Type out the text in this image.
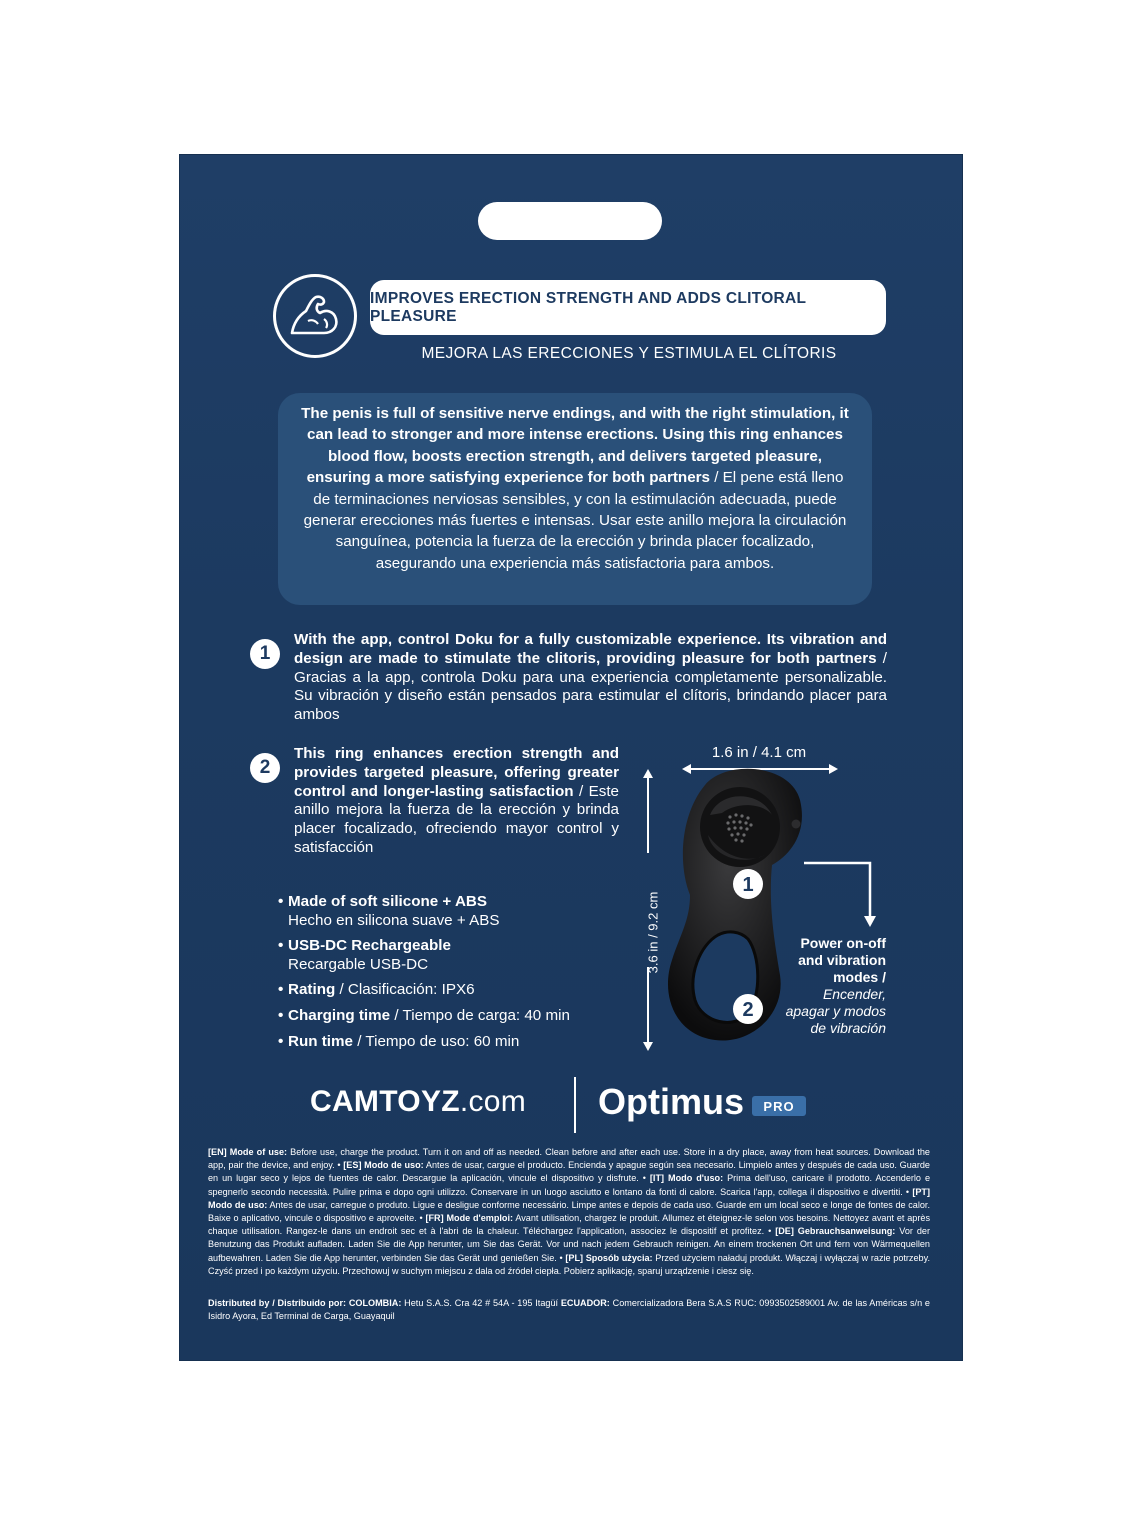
IMPROVES ERECTION STRENGTH AND ADDS CLITORAL PLEASURE
MEJORA LAS ERECCIONES Y ESTIMULA EL CLÍTORIS
The penis is full of sensitive nerve endings, and with the right stimulation, it can lead to stronger and more intense erections. Using this ring enhances blood flow, boosts erection strength, and delivers targeted pleasure, ensuring a more satisfying experience for both partners / El pene está lleno de terminaciones nerviosas sensibles, y con la estimulación adecuada, puede generar erecciones más fuertes e intensas. Usar este anillo mejora la circulación sanguínea, potencia la fuerza de la erección y brinda placer focalizado, asegurando una experiencia más satisfactoria para ambos.
1
With the app, control Doku for a fully customizable experience. Its vibration and design are made to stimulate the clitoris, providing pleasure for both partners / Gracias a la app, controla Doku para una experiencia completamente personalizable. Su vibración y diseño están pensados para estimular el clítoris, brindando placer para ambos
2
This ring enhances erection strength and provides targeted pleasure, offering greater control and longer-lasting satisfaction / Este anillo mejora la fuerza de la erección y brinda placer focalizado, ofreciendo mayor control y satisfacción
• Made of soft silicone + ABS
Hecho en silicona suave + ABS
• USB-DC Rechargeable
Recargable USB-DC
• Rating / Clasificación: IPX6
• Charging time / Tiempo de carga: 40 min
• Run time / Tiempo de uso: 60 min
1.6 in / 4.1 cm
3.6 in / 9.2 cm
1
2
Power on-off and vibration modes /
Encender, apagar y modos de vibración
CAMTOYZ.com Optimus	PRO
[EN] Mode of use: Before use, charge the product. Turn it on and off as needed. Clean before and after each use. Store in a dry place, away from heat sources. Download the app, pair the device, and enjoy. • [ES] Modo de uso: Antes de usar, cargue el producto. Encienda y apague según sea necesario. Limpielo antes y después de cada uso. Guarde en un lugar seco y lejos de fuentes de calor. Descargue la aplicación, vincule el dispositivo y disfrute. • [IT] Modo d'uso: Prima dell'uso, caricare il prodotto. Accenderlo e spegnerlo secondo necessità. Pulire prima e dopo ogni utilizzo. Conservare in un luogo asciutto e lontano da fonti di calore. Scarica l'app, collega il dispositivo e divertiti. • [PT] Modo de uso: Antes de usar, carregue o produto. Ligue e desligue conforme necessário. Limpe antes e depois de cada uso. Guarde em um local seco e longe de fontes de calor. Baixe o aplicativo, vincule o dispositivo e aproveite. • [FR] Mode d'emploi: Avant utilisation, chargez le produit. Allumez et éteignez-le selon vos besoins. Nettoyez avant et après chaque utilisation. Rangez-le dans un endroit sec et à l'abri de la chaleur. Téléchargez l'application, associez le dispositif et profitez. • [DE] Gebrauchsanweisung: Vor der Benutzung das Produkt aufladen. Laden Sie die App herunter, um Sie das Gerät. Vor und nach jedem Gebrauch reinigen. An einem trockenen Ort und fern von Wärmequellen aufbewahren. Laden Sie die App herunter, verbinden Sie das Gerät und genießen Sie. • [PL] Sposób użycia: Przed użyciem naładuj produkt. Włączaj i wyłączaj w razie potrzeby. Czyść przed i po każdym użyciu. Przechowuj w suchym miejscu z dala od źródeł ciepła. Pobierz aplikację, sparuj urządzenie i ciesz się.
Distributed by / Distribuido por: COLOMBIA: Hetu S.A.S. Cra 42 # 54A - 195 Itagüí ECUADOR: Comercializadora Bera S.A.S RUC: 0993502589001 Av. de las Américas s/n e Isidro Ayora, Ed Terminal de Carga, Guayaquil
